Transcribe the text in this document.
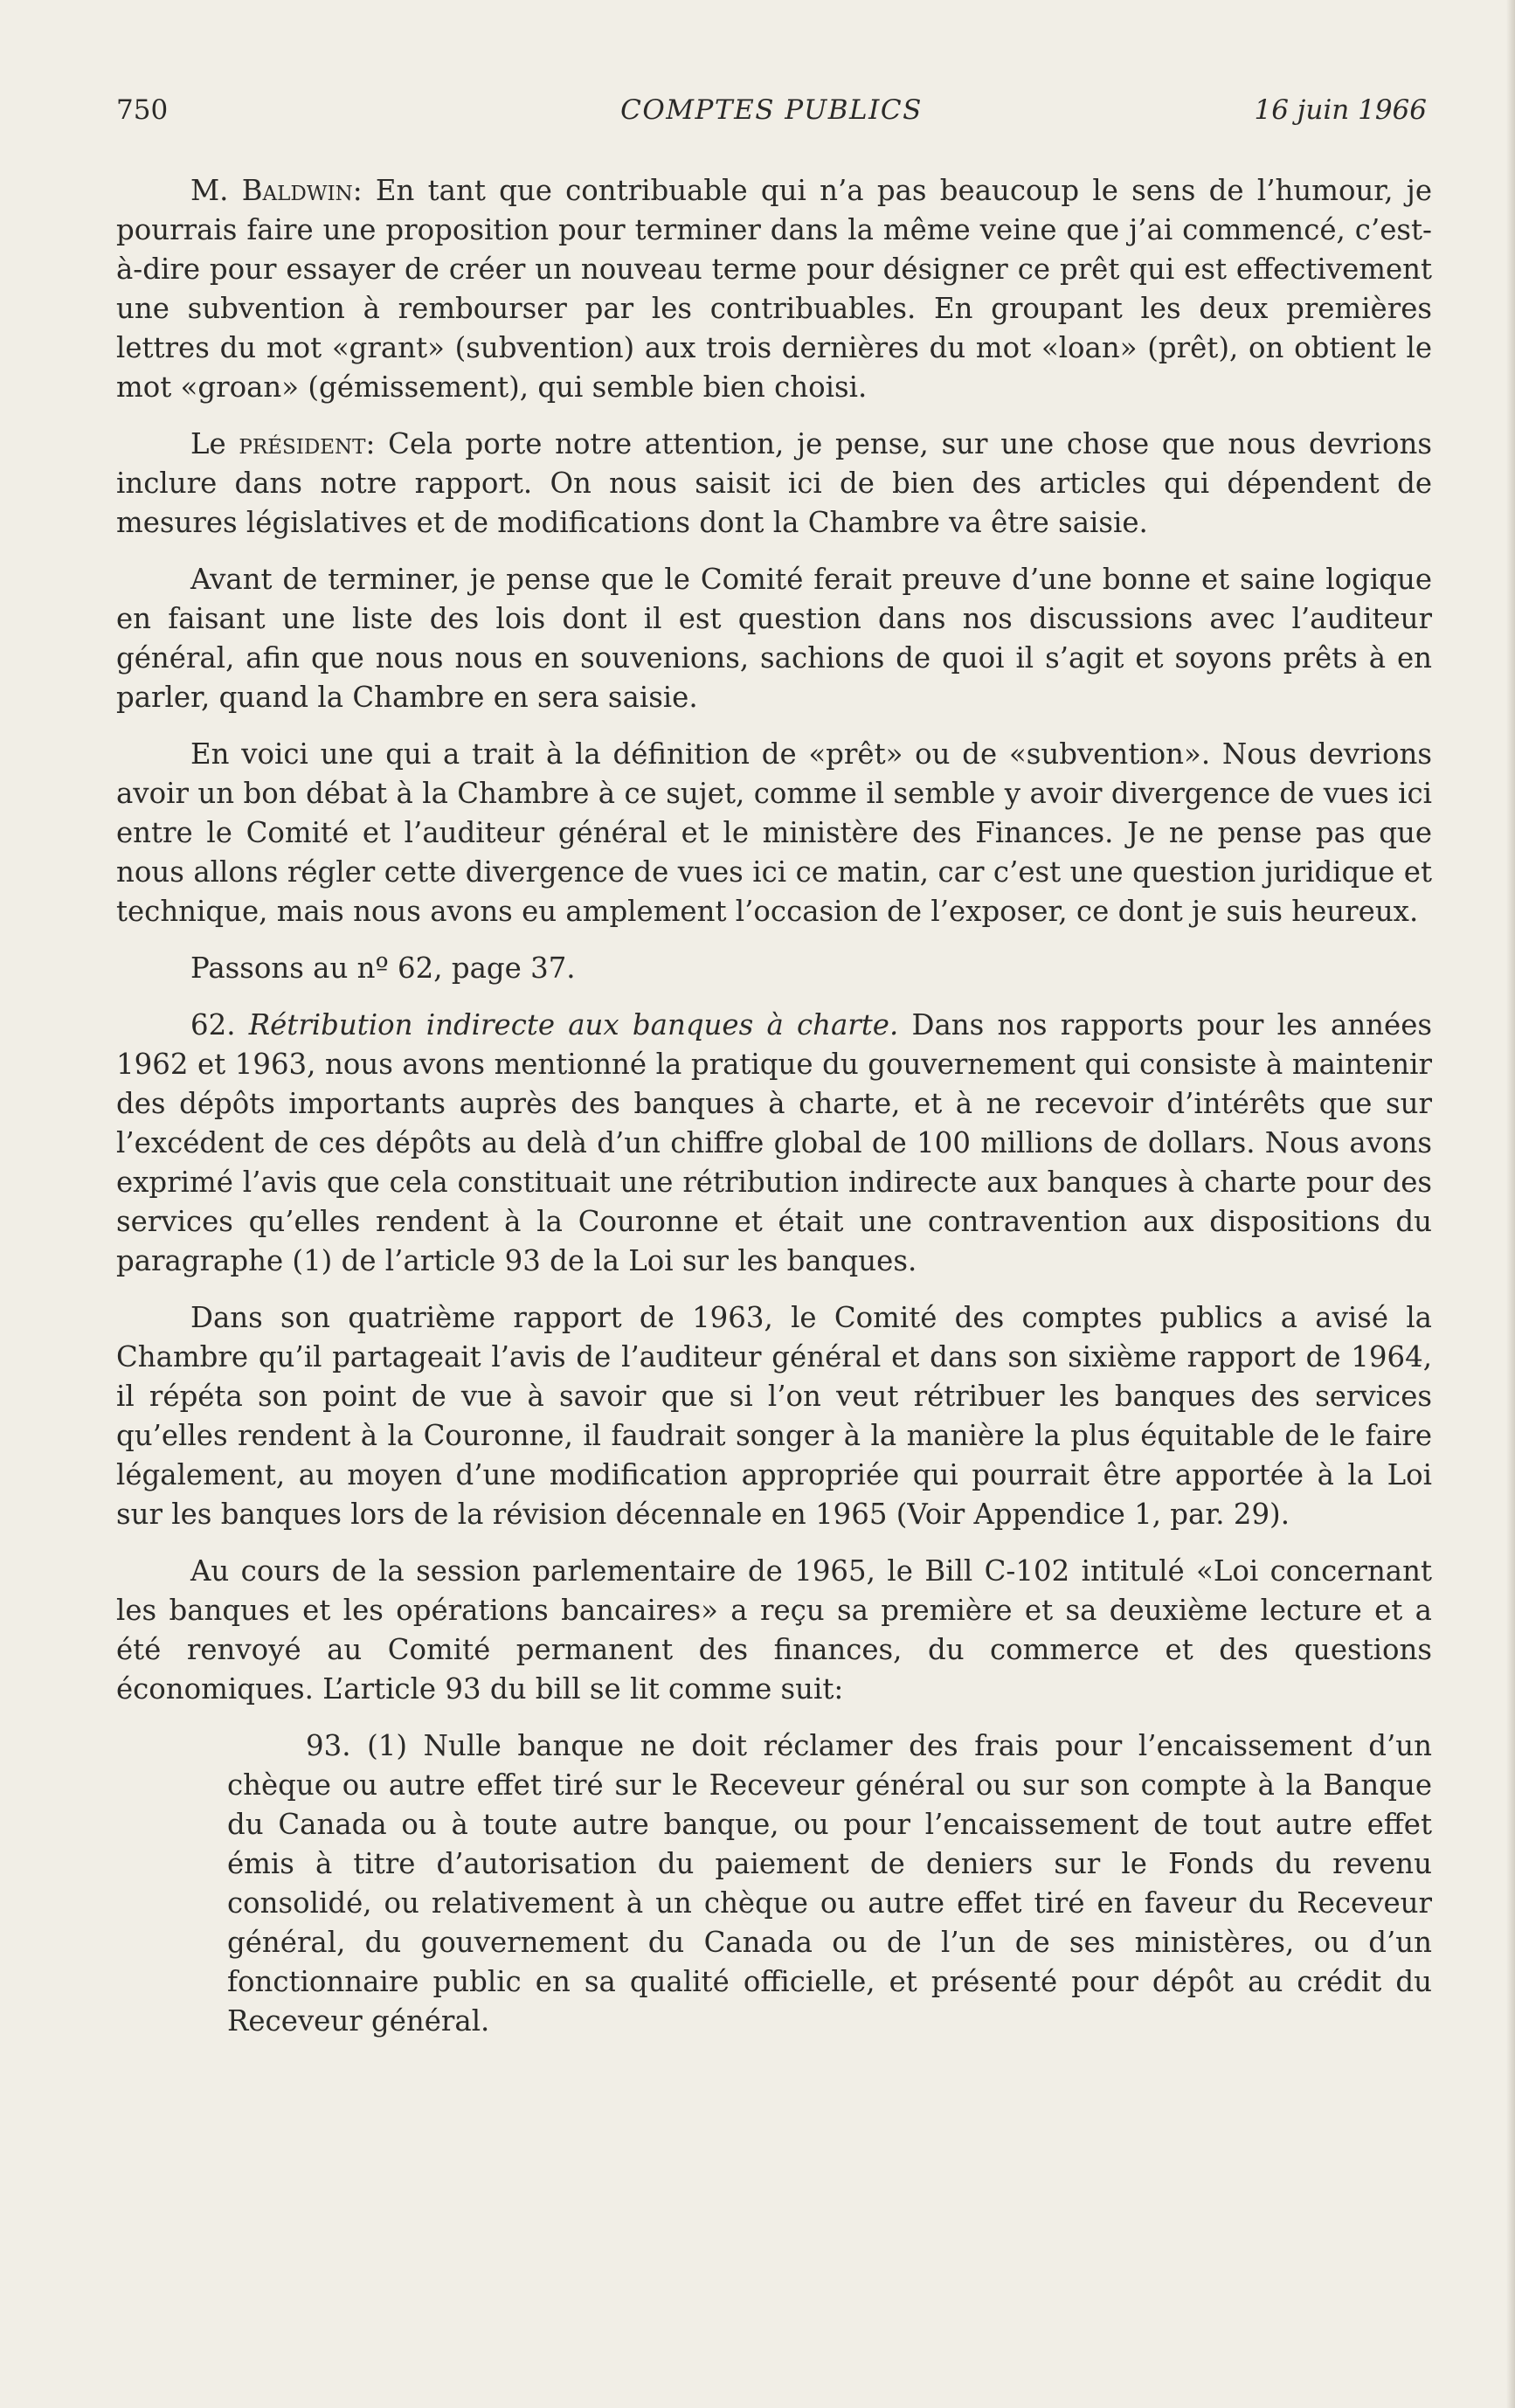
750	COMPTES PUBLICS	16 juin 1966

M. Baldwin: En tant que contribuable qui n’a pas beaucoup le sens de l’humour, je pourrais faire une proposition pour terminer dans la même veine que j’ai commencé, c’est-à-dire pour essayer de créer un nouveau terme pour désigner ce prêt qui est effectivement une subvention à rembourser par les contribuables. En groupant les deux premières lettres du mot «grant» (subvention) aux trois dernières du mot «loan» (prêt), on obtient le mot «groan» (gémissement), qui semble bien choisi.

Le président: Cela porte notre attention, je pense, sur une chose que nous devrions inclure dans notre rapport. On nous saisit ici de bien des articles qui dépendent de mesures législatives et de modifications dont la Chambre va être saisie.

Avant de terminer, je pense que le Comité ferait preuve d’une bonne et saine logique en faisant une liste des lois dont il est question dans nos discussions avec l’auditeur général, afin que nous nous en souvenions, sachions de quoi il s’agit et soyons prêts à en parler, quand la Chambre en sera saisie.

En voici une qui a trait à la définition de «prêt» ou de «subvention». Nous devrions avoir un bon débat à la Chambre à ce sujet, comme il semble y avoir divergence de vues ici entre le Comité et l’auditeur général et le ministère des Finances. Je ne pense pas que nous allons régler cette divergence de vues ici ce matin, car c’est une question juridique et technique, mais nous avons eu amplement l’occasion de l’exposer, ce dont je suis heureux.

Passons au nº 62, page 37.

62. Rétribution indirecte aux banques à charte. Dans nos rapports pour les années 1962 et 1963, nous avons mentionné la pratique du gouvernement qui consiste à maintenir des dépôts importants auprès des banques à charte, et à ne recevoir d’intérêts que sur l’excédent de ces dépôts au delà d’un chiffre global de 100 millions de dollars. Nous avons exprimé l’avis que cela constituait une rétribution indirecte aux banques à charte pour des services qu’elles rendent à la Couronne et était une contravention aux dispositions du paragraphe (1) de l’article 93 de la Loi sur les banques.

Dans son quatrième rapport de 1963, le Comité des comptes publics a avisé la Chambre qu’il partageait l’avis de l’auditeur général et dans son sixième rapport de 1964, il répéta son point de vue à savoir que si l’on veut rétribuer les banques des services qu’elles rendent à la Couronne, il faudrait songer à la manière la plus équitable de le faire légalement, au moyen d’une modification appropriée qui pourrait être apportée à la Loi sur les banques lors de la révision décennale en 1965 (Voir Appendice 1, par. 29).

Au cours de la session parlementaire de 1965, le Bill C-102 intitulé «Loi concernant les banques et les opérations bancaires» a reçu sa première et sa deuxième lecture et a été renvoyé au Comité permanent des finances, du commerce et des questions économiques. L’article 93 du bill se lit comme suit:

93. (1) Nulle banque ne doit réclamer des frais pour l’encaissement d’un chèque ou autre effet tiré sur le Receveur général ou sur son compte à la Banque du Canada ou à toute autre banque, ou pour l’encaissement de tout autre effet émis à titre d’autorisation du paiement de deniers sur le Fonds du revenu consolidé, ou relativement à un chèque ou autre effet tiré en faveur du Receveur général, du gouvernement du Canada ou de l’un de ses ministères, ou d’un fonctionnaire public en sa qualité officielle, et présenté pour dépôt au crédit du Receveur général.
